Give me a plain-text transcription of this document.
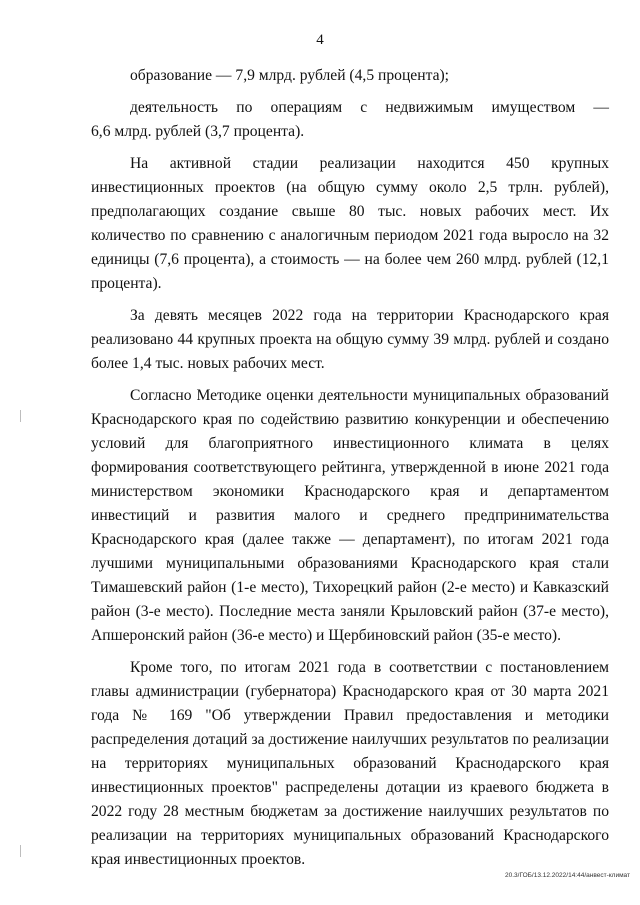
4

образование — 7,9 млрд. рублей (4,5 процента);

деятельность по операциям с недвижимым имуществом —

6,6 млрд. рублей (3,7 процента).

На активной стадии реализации находится 450 крупных инвестиционных проектов (на общую сумму около 2,5 трлн. рублей), предполагающих создание свыше 80 тыс. новых рабочих мест. Их количество по сравнению с аналогичным периодом 2021 года выросло на 32 единицы (7,6 процента), а стоимость — на более чем 260 млрд. рублей (12,1 процента).

За девять месяцев 2022 года на территории Краснодарского края реализовано 44 крупных проекта на общую сумму 39 млрд. рублей и создано более 1,4 тыс. новых рабочих мест.

Согласно Методике оценки деятельности муниципальных образований Краснодарского края по содействию развитию конкуренции и обеспечению условий для благоприятного инвестиционного климата в целях формирования соответствующего рейтинга, утвержденной в июне 2021 года министерством экономики Краснодарского края и департаментом инвестиций и развития малого и среднего предпринимательства Краснодарского края (далее также — департамент), по итогам 2021 года лучшими муниципальными образованиями Краснодарского края стали Тимашевский район (1-е место), Тихорецкий район (2-е место) и Кавказский район (3-е место). Последние места заняли Крыловский район (37-е место), Апшеронский район (36-е место) и Щербиновский район (35-е место).

Кроме того, по итогам 2021 года в соответствии с постановлением главы администрации (губернатора) Краснодарского края от 30 марта 2021 года № 169 "Об утверждении Правил предоставления и методики распределения дотаций за достижение наилучших результатов по реализации на территориях муниципальных образований Краснодарского края инвестиционных проектов" распределены дотации из краевого бюджета в 2022 году 28 местным бюджетам за достижение наилучших результатов по реализации на территориях муниципальных образований Краснодарского края инвестиционных проектов.

20.3/ГОБ/13.12.2022/14:44/анвест-климат
